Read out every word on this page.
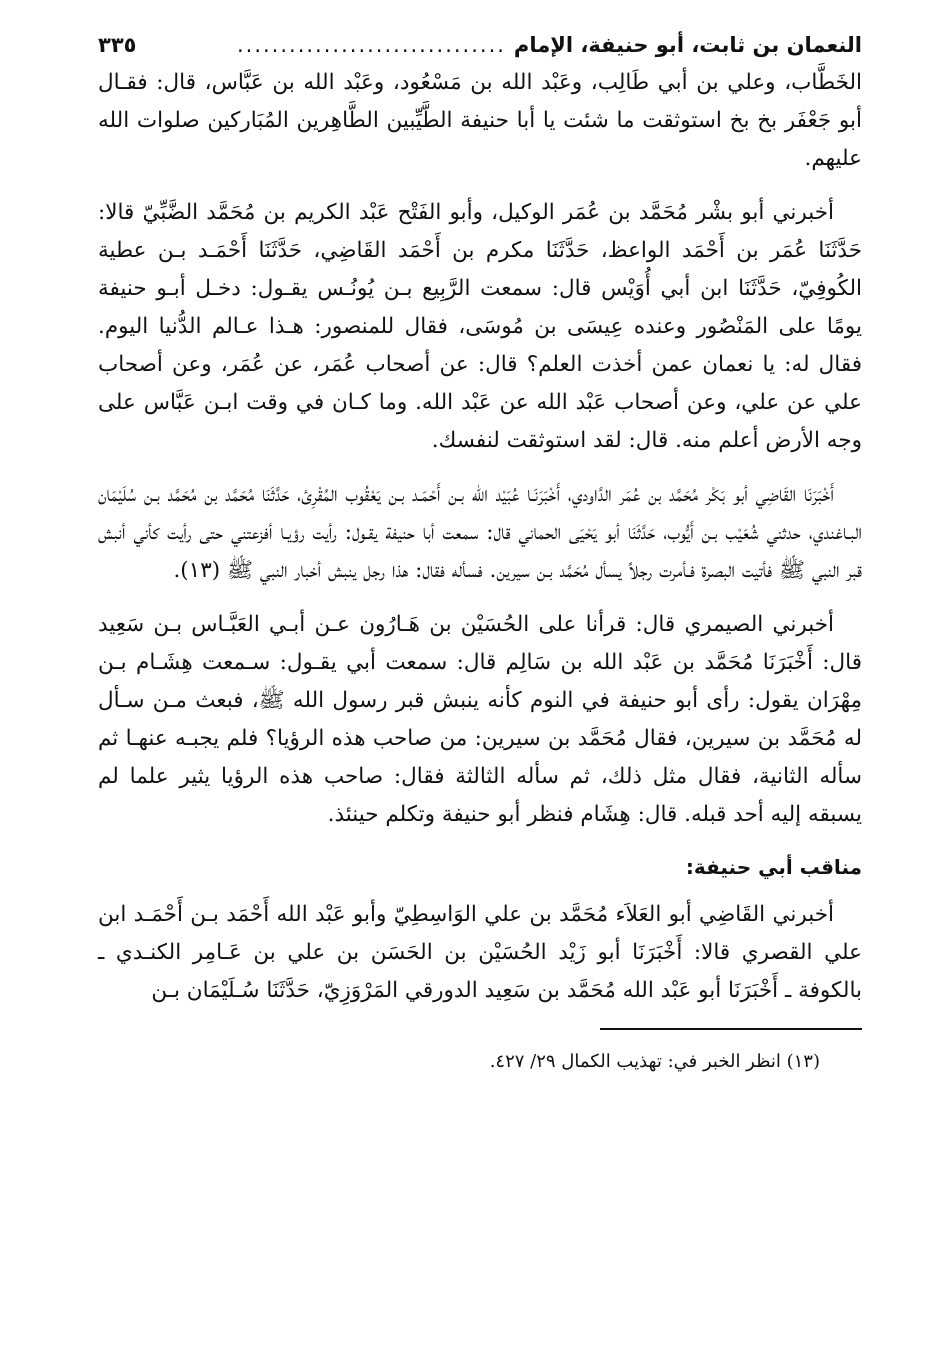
النعمان بن ثابت، أبو حنيفة، الإمام
...............................
٣٣٥

الخَطَّاب، وعلي بن أبي طَالِب، وعَبْد الله بن مَسْعُود، وعَبْد الله بن عَبَّاس، قال: فقـال أبو جَعْفَر بخ بخ استوثقت ما شئت يا أبا حنيفة الطَّيِّبين الطَّاهِرين المُبَاركين صلوات الله عليهم.

أخبرني أبو بشْر مُحَمَّد بن عُمَر الوكيل، وأبو الفَتْح عَبْد الكريم بن مُحَمَّد الضَّبِّيّ قالا: حَدَّثَنَا عُمَر بن أَحْمَد الواعظ، حَدَّثَنَا مكرم بن أَحْمَد القَاضِي، حَدَّثَنَا أَحْمَـد بـن عطية الكُوفِيّ، حَدَّثَنَا ابن أبي أُوَيْس قال: سمعت الرَّبِيع بـن يُونُـس يقـول: دخـل أبـو حنيفة يومًا على المَنْصُور وعنده عِيسَى بن مُوسَى، فقال للمنصور: هـذا عـالم الدُّنيا اليوم. فقال له: يا نعمان عمن أخذت العلم؟ قال: عن أصحاب عُمَر، عن عُمَر، وعن أصحاب علي عن علي، وعن أصحاب عَبْد الله عن عَبْد الله. وما كـان في وقت ابـن عَبَّاس على وجه الأرض أعلم منه. قال: لقد استوثقت لنفسك.

أَخْبَرَنَا القَاضِي أبو بَكْر مُحَمَّد بن عُمَر الدَّاودي، أَخْبَرَنَـا عُبَيْد الله بـن أَحْمَـد بـن يَعْقُوب المُقْرِئ، حَدَّثَنَا مُحَمَّد بن مُحَمَّد بـن سُلَيْمَان البـاغندي، حدثني شُعَيْب بـن أَيُّوب، حَدَّثَنَا أبو يَحْيَى الحماني قال: سمعت أبا حنيفة يقـول: رأيت رؤيـا أفزعتني حتى رأيت كأني أنبش قبر النبي ﷺ فأتيت البصرة فـأمرت رجلاً يسأل مُحَمَّد بـن سيرين. فسأله فقال: هذا رجل ينبش أخبار النبي ﷺ (١٣).

أخبرني الصيمري قال: قرأنا على الحُسَيْن بن هَـارُون عـن أبـي العَبَّـاس بـن سَعِيد قال: أَخْبَرَنَا مُحَمَّد بن عَبْد الله بن سَالِم قال: سمعت أبي يقـول: سـمعت هِشَـام بـن مِهْرَان يقول: رأى أبو حنيفة في النوم كأنه ينبش قبر رسول الله ﷺ، فبعث مـن سـأل له مُحَمَّد بن سيرين، فقال مُحَمَّد بن سيرين: من صاحب هذه الرؤيا؟ فلم يجبـه عنهـا ثم سأله الثانية، فقال مثل ذلك، ثم سأله الثالثة فقال: صاحب هذه الرؤيا يثير علما لم يسبقه إليه أحد قبله. قال: هِشَام فنظر أبو حنيفة وتكلم حينئذ.

مناقب أبي حنيفة:

أخبرني القَاضِي أبو العَلاَء مُحَمَّد بن علي الوَاسِطِيّ وأبو عَبْد الله أَحْمَد بـن أَحْمَـد ابن علي القصري قالا: أَخْبَرَنَا أبو زَيْد الحُسَيْن بن الحَسَن بن علي بن عَـامِر الكنـدي ـ بالكوفة ـ أَخْبَرَنَا أبو عَبْد الله مُحَمَّد بن سَعِيد الدورقي المَرْوَزِيّ، حَدَّثَنَا سُـلَيْمَان بـن

(١٣) انظر الخبر في: تهذيب الكمال ٢٩/ ٤٢٧.
